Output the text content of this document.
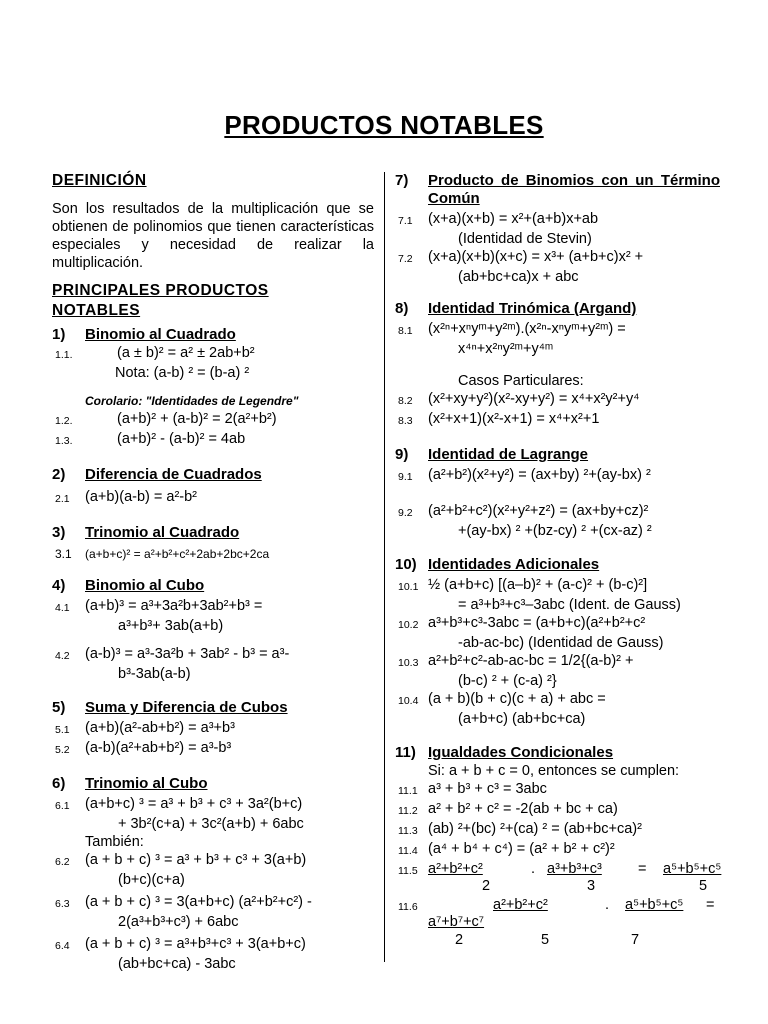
PRODUCTOS NOTABLES
DEFINICIÓN
Son los resultados de la multiplicación que se obtienen de polinomios que tienen características especiales y necesidad de realizar la multiplicación.
PRINCIPALES PRODUCTOS
NOTABLES
1)	Binomio al Cuadrado
1.1.	(a ± b)² = a² ± 2ab+b²
Nota: (a-b) ² = (b-a) ²
Corolario: "Identidades de Legendre"
1.2.	(a+b)² + (a-b)² = 2(a²+b²)
1.3.	(a+b)² - (a-b)² = 4ab
2)	Diferencia de Cuadrados
2.1	(a+b)(a-b) = a²-b²
3)	Trinomio al Cuadrado
3.1	(a+b+c)² = a²+b²+c²+2ab+2bc+2ca
4)	Binomio al Cubo
4.1	(a+b)³ = a³+3a²b+3ab²+b³ =
a³+b³+ 3ab(a+b)
4.2	(a-b)³ = a³-3a²b + 3ab² - b³ = a³-
b³-3ab(a-b)
5)	Suma y Diferencia de Cubos
5.1	(a+b)(a²-ab+b²) = a³+b³
5.2	(a-b)(a²+ab+b²) = a³-b³
6)	Trinomio al Cubo
6.1	(a+b+c) ³ = a³ + b³ + c³ + 3a²(b+c)
+ 3b²(c+a) + 3c²(a+b) + 6abc
También:
6.2	(a + b + c) ³ = a³ + b³ + c³ + 3(a+b)
(b+c)(c+a)
6.3	(a + b + c) ³ = 3(a+b+c) (a²+b²+c²) -
2(a³+b³+c³) + 6abc
6.4	(a + b + c) ³ = a³+b³+c³ + 3(a+b+c)
(ab+bc+ca) - 3abc
7)	Producto de Binomios con un Término Común
7.1	(x+a)(x+b) = x²+(a+b)x+ab
(Identidad de Stevin)
7.2	(x+a)(x+b)(x+c) = x³+ (a+b+c)x² +
(ab+bc+ca)x + abc
8)	Identidad Trinómica (Argand)
8.1	(x²ⁿ+xⁿyᵐ+y²ᵐ).(x²ⁿ-xⁿyᵐ+y²ᵐ) =
x⁴ⁿ+x²ⁿy²ᵐ+y⁴ᵐ
Casos Particulares:
8.2	(x²+xy+y²)(x²-xy+y²) = x⁴+x²y²+y⁴
8.3	(x²+x+1)(x²-x+1) = x⁴+x²+1
9)	Identidad de Lagrange
9.1	(a²+b²)(x²+y²) = (ax+by) ²+(ay-bx) ²
9.2	(a²+b²+c²)(x²+y²+z²) = (ax+by+cz)²
+(ay-bx) ² +(bz-cy) ² +(cx-az) ²
10) Identidades Adicionales
10.1 ½ (a+b+c) [(a–b)² + (a-c)² + (b-c)²]
= a³+b³+c³–3abc (Ident. de Gauss)
10.2 a³+b³+c³-3abc = (a+b+c)(a²+b²+c²
-ab-ac-bc) (Identidad de Gauss)
10.3 a²+b²+c²-ab-ac-bc = 1/2{(a-b)² +
(b-c) ² + (c-a) ²}
10.4 (a + b)(b + c)(c + a) + abc =
(a+b+c) (ab+bc+ca)
11) Igualdades Condicionales
Si: a + b + c = 0, entonces se cumplen:
11.1 a³ + b³ + c³ = 3abc
11.2 a² + b² + c² = -2(ab + bc + ca)
11.3 (ab) ²+(bc) ²+(ca) ² = (ab+bc+ca)²
11.4 (a⁴ + b⁴ + c⁴) = (a² + b² + c²)²
11.5 a²+b²+c²	. a³+b³+c³ = a⁵+b⁵+c⁵
2	3	5
11.6	a²+b²+c²	. a⁵+b⁵+c⁵ =
a⁷+b⁷+c⁷
2	5	7
